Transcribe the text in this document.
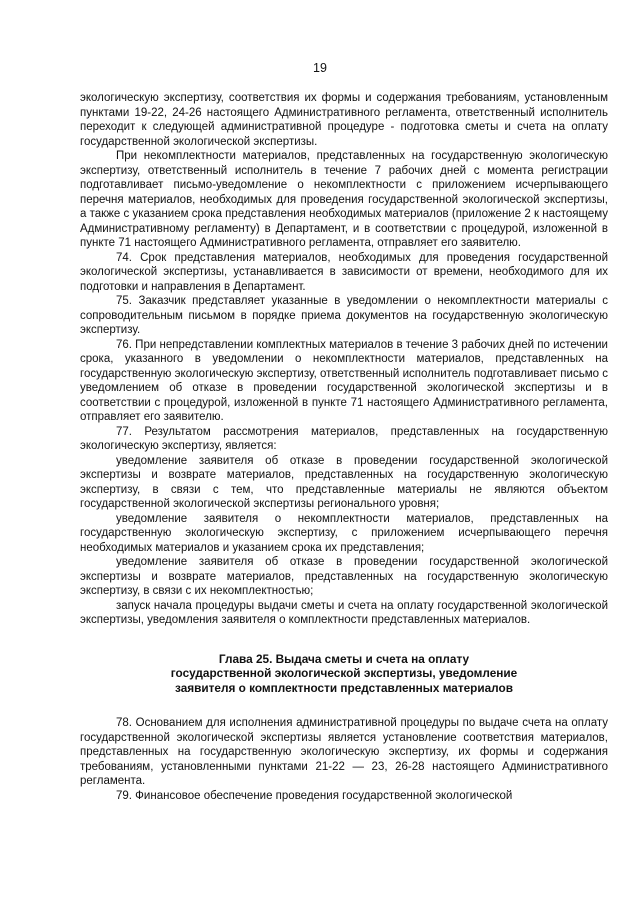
19

экологическую экспертизу, соответствия их формы и содержания требованиям, установленным пунктами 19-22, 24-26 настоящего Административного регламента, ответственный исполнитель переходит к следующей административной процедуре - подготовка сметы и счета на оплату государственной экологической экспертизы.

При некомплектности материалов, представленных на государственную экологическую экспертизу, ответственный исполнитель в течение 7 рабочих дней с момента регистрации подготавливает письмо-уведомление о некомплектности с приложением исчерпывающего перечня материалов, необходимых для проведения государственной экологической экспертизы, а также с указанием срока представления необходимых материалов (приложение 2 к настоящему Административному регламенту) в Департамент, и в соответствии с процедурой, изложенной в пункте 71 настоящего Административного регламента, отправляет его заявителю.

74. Срок представления материалов, необходимых для проведения государственной экологической экспертизы, устанавливается в зависимости от времени, необходимого для их подготовки и направления в Департамент.

75. Заказчик представляет указанные в уведомлении о некомплектности материалы с сопроводительным письмом в порядке приема документов на государственную экологическую экспертизу.

76. При непредставлении комплектных материалов в течение 3 рабочих дней по истечении срока, указанного в уведомлении о некомплектности материалов, представленных на государственную экологическую экспертизу, ответственный исполнитель подготавливает письмо с уведомлением об отказе в проведении государственной экологической экспертизы и в соответствии с процедурой, изложенной в пункте 71 настоящего Административного регламента, отправляет его заявителю.

77. Результатом рассмотрения материалов, представленных на государственную экологическую экспертизу, является:

уведомление заявителя об отказе в проведении государственной экологической экспертизы и возврате материалов, представленных на государственную экологическую экспертизу, в связи с тем, что представленные материалы не являются объектом государственной экологической экспертизы регионального уровня;

уведомление заявителя о некомплектности материалов, представленных на государственную экологическую экспертизу, с приложением исчерпывающего перечня необходимых материалов и указанием срока их представления;

уведомление заявителя об отказе в проведении государственной экологической экспертизы и возврате материалов, представленных на государственную экологическую экспертизу, в связи с их некомплектностью;

запуск начала процедуры выдачи сметы и счета на оплату государственной экологической экспертизы, уведомления заявителя о комплектности представленных материалов.

Глава 25. Выдача сметы и счета на оплату
государственной экологической экспертизы, уведомление
заявителя о комплектности представленных материалов

78. Основанием для исполнения административной процедуры по выдаче счета на оплату государственной экологической экспертизы является установление соответствия материалов, представленных на государственную экологическую экспертизу, их формы и содержания требованиям, установленными пунктами 21-22 — 23, 26-28 настоящего Административного регламента.

79. Финансовое обеспечение проведения государственной экологической
